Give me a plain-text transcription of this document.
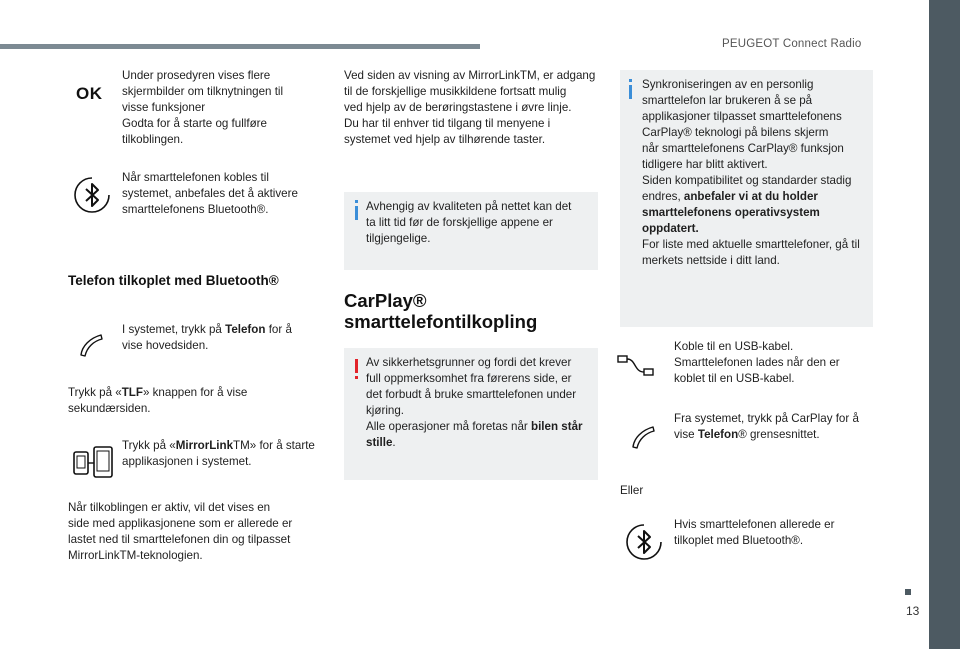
PEUGEOT Connect Radio
OK
Under prosedyren vises flere
skjermbilder om tilknytningen til
visse funksjoner
Godta for å starte og fullføre
tilkoblingen.
Når smarttelefonen kobles til
systemet, anbefales det å aktivere
smarttelefonens Bluetooth®.
Telefon tilkoplet med Bluetooth®
I systemet, trykk på Telefon for å
vise hovedsiden.
Trykk på «TLF» knappen for å vise
sekundærsiden.
Trykk på «MirrorLinkTM» for å starte
applikasjonen i systemet.
Når tilkoblingen er aktiv, vil det vises en
side med applikasjonene som er allerede er
lastet ned til smarttelefonen din og tilpasset
MirrorLinkTM-teknologien.
Ved siden av visning av MirrorLinkTM, er adgang
til de forskjellige musikkildene fortsatt mulig
ved hjelp av de berøringstastene i øvre linje.
Du har til enhver tid tilgang til menyene i
systemet ved hjelp av tilhørende taster.
Avhengig av kvaliteten på nettet kan det
ta litt tid før de forskjellige appene er
tilgjengelige.
CarPlay®
smarttelefontilkopling
Av sikkerhetsgrunner og fordi det krever
full oppmerksomhet fra førerens side, er
det forbudt å bruke smarttelefonen under
kjøring.
Alle operasjoner må foretas når bilen står
stille.
Synkroniseringen av en personlig
smarttelefon lar brukeren å se på
applikasjoner tilpasset smarttelefonens
CarPlay® teknologi på bilens skjerm
når smarttelefonens CarPlay® funksjon
tidligere har blitt aktivert.
Siden kompatibilitet og standarder stadig
endres, anbefaler vi at du holder
smarttelefonens operativsystem
oppdatert.
For liste med aktuelle smarttelefoner, gå til
merkets nettside i ditt land.
Koble til en USB-kabel.
Smarttelefonen lades når den er
koblet til en USB-kabel.
Fra systemet, trykk på CarPlay for å
vise Telefon® grensesnittet.
Eller
Hvis smarttelefonen allerede er
tilkoplet med Bluetooth®.
13
